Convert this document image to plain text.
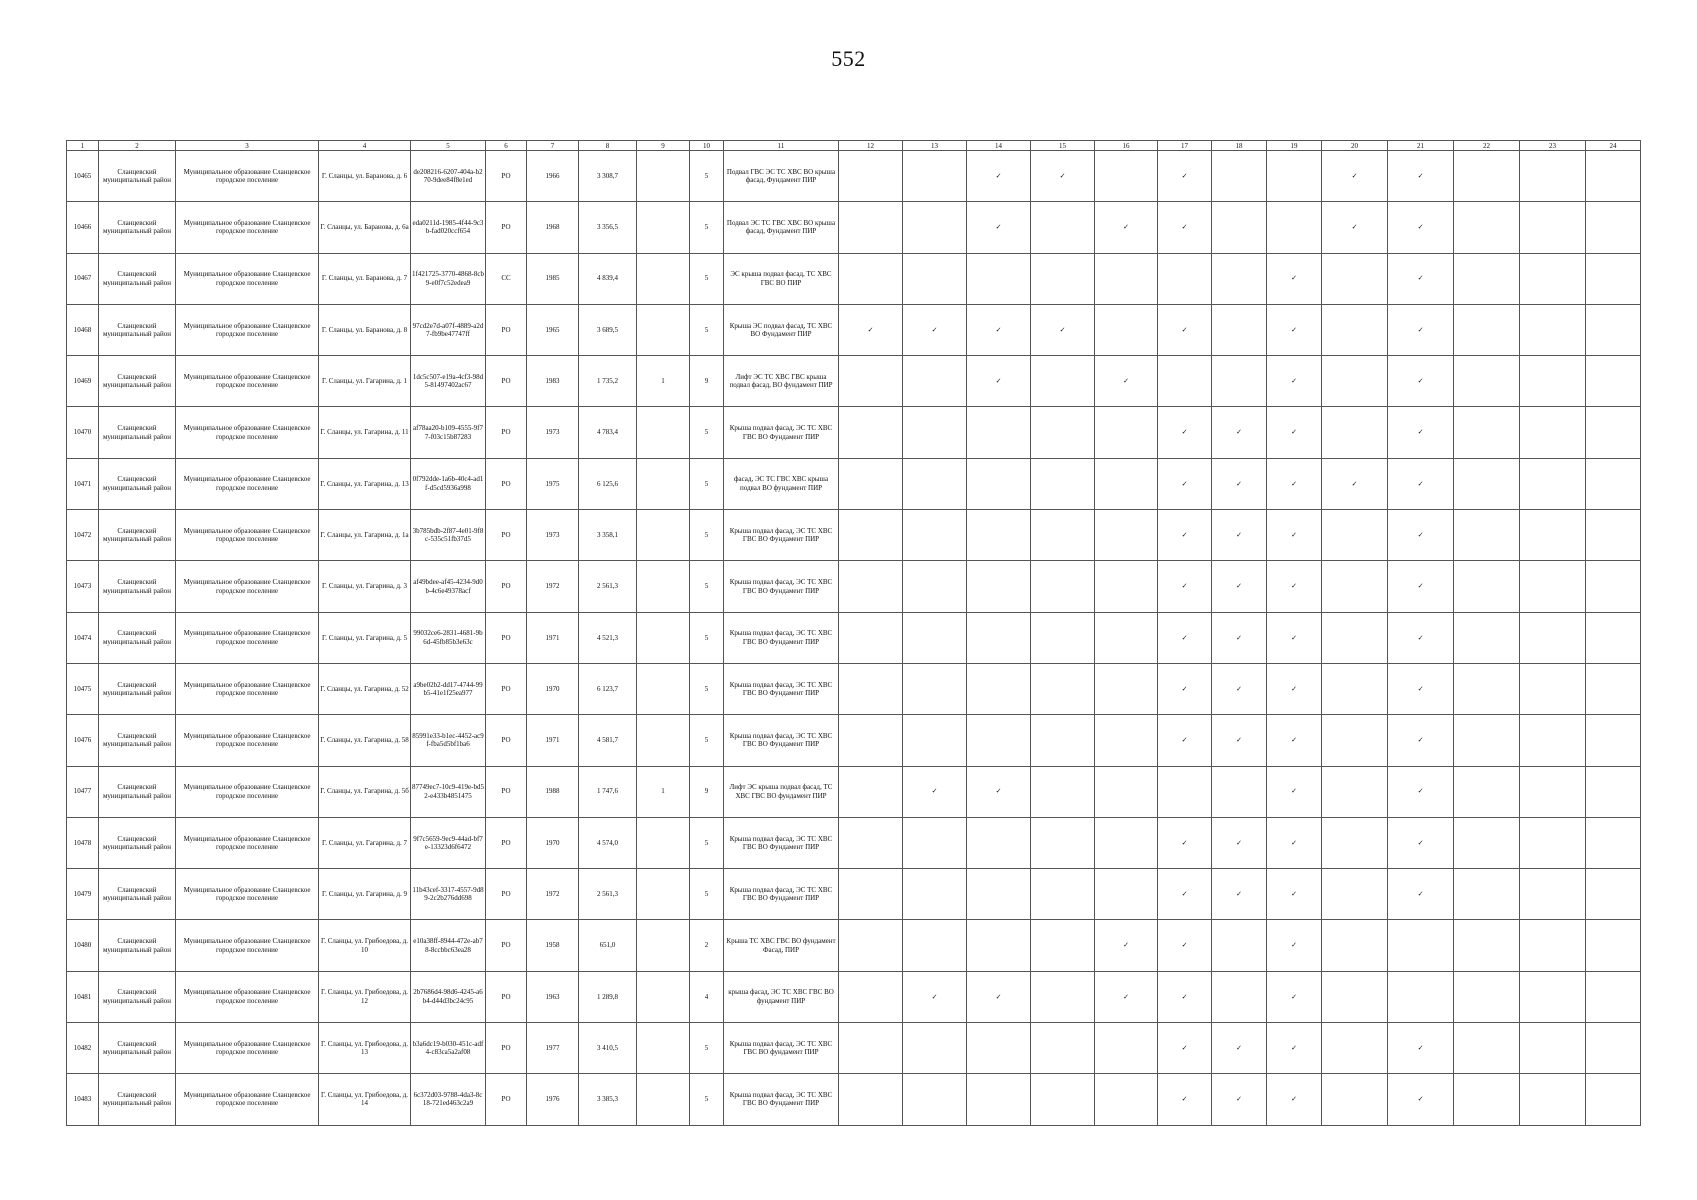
552
1	2	3	4	5	6	7	8	9	10	11	12	13	14	15	16	17	18	19	20	21	22	23	24
10465	Сланцевский муниципальный район	Муниципальное образование Сланцевское городское поселение	Г. Сланцы, ул. Баранова, д. 6	de208216-6207-404a-b270-9dee84f8e1ed	РО	1966	3 308,7		5	Подвал ГВС ЭС ТС ХВС ВО крыша фасад, Фундамент ПИР			✓	✓		✓			✓	✓			
10466	Сланцевский муниципальный район	Муниципальное образование Сланцевское городское поселение	Г. Сланцы, ул. Баранова, д. 6а	eda0211d-1985-4f44-9c3b-fad020ccf654	РО	1968	3 356,5		5	Подвал ЭС ТС ГВС ХВС ВО крыша фасад, Фундамент ПИР			✓		✓	✓			✓	✓			
10467	Сланцевский муниципальный район	Муниципальное образование Сланцевское городское поселение	Г. Сланцы, ул. Баранова, д. 7	1f421725-3770-4868-8cb9-e0f7c52edea9	СС	1985	4 839,4		5	ЭС крыша подвал фасад, ТС ХВС ГВС ВО ПИР								✓		✓			
10468	Сланцевский муниципальный район	Муниципальное образование Сланцевское городское поселение	Г. Сланцы, ул. Баранова, д. 8	97cd2e7d-a07f-4889-a2d7-fb9be47747ff	РО	1965	3 689,5		5	Крыша ЭС подвал фасад, ТС ХВС ВО Фундамент ПИР	✓	✓	✓	✓		✓		✓		✓			
10469	Сланцевский муниципальный район	Муниципальное образование Сланцевское городское поселение	Г. Сланцы, ул. Гагарина, д. 1	1dc5c507-e19a-4cf3-98d5-81497402ac67	РО	1983	1 735,2	1	9	Лифт ЭС ТС ХВС ГВС крыша подвал фасад, ВО фундамент ПИР			✓		✓			✓		✓			
10470	Сланцевский муниципальный район	Муниципальное образование Сланцевское городское поселение	Г. Сланцы, ул. Гагарина, д. 11	af78aa20-b109-4555-9f77-f03c15b87283	РО	1973	4 783,4		5	Крыша подвал фасад, ЭС ТС ХВС ГВС ВО Фундамент ПИР						✓	✓	✓		✓			
10471	Сланцевский муниципальный район	Муниципальное образование Сланцевское городское поселение	Г. Сланцы, ул. Гагарина, д. 13	0f792dde-1a6b-40c4-ad1f-d5cd5936a998	РО	1975	6 125,6		5	фасад, ЭС ТС ГВС ХВС крыша подвал ВО фундамент ПИР						✓	✓	✓	✓	✓			
10472	Сланцевский муниципальный район	Муниципальное образование Сланцевское городское поселение	Г. Сланцы, ул. Гагарина, д. 1а	3b785bdb-2f87-4e01-9f8c-535c51fb37d5	РО	1973	3 358,1		5	Крыша подвал фасад, ЭС ТС ХВС ГВС ВО Фундамент ПИР						✓	✓	✓		✓			
10473	Сланцевский муниципальный район	Муниципальное образование Сланцевское городское поселение	Г. Сланцы, ул. Гагарина, д. 3	af49bdee-af45-4234-9d0b-4c6e49378acf	РО	1972	2 561,3		5	Крыша подвал фасад, ЭС ТС ХВС ГВС ВО Фундамент ПИР						✓	✓	✓		✓			
10474	Сланцевский муниципальный район	Муниципальное образование Сланцевское городское поселение	Г. Сланцы, ул. Гагарина, д. 5	99032ce6-2831-4681-9b6d-45fb85b3e63c	РО	1971	4 521,3		5	Крыша подвал фасад, ЭС ТС ХВС ГВС ВО Фундамент ПИР						✓	✓	✓		✓			
10475	Сланцевский муниципальный район	Муниципальное образование Сланцевское городское поселение	Г. Сланцы, ул. Гагарина, д. 52	a9be02b2-dd17-4744-99b5-41e1f25ea977	РО	1970	6 123,7		5	Крыша подвал фасад, ЭС ТС ХВС ГВС ВО Фундамент ПИР						✓	✓	✓		✓			
10476	Сланцевский муниципальный район	Муниципальное образование Сланцевское городское поселение	Г. Сланцы, ул. Гагарина, д. 58	85991e33-b1ec-4452-ac9f-fba5d5bf1ba6	РО	1971	4 581,7		5	Крыша подвал фасад, ЭС ТС ХВС ГВС ВО Фундамент ПИР						✓	✓	✓		✓			
10477	Сланцевский муниципальный район	Муниципальное образование Сланцевское городское поселение	Г. Сланцы, ул. Гагарина, д. 5б	87749ec7-10c9-419e-bd52-e433b4851475	РО	1988	1 747,6	1	9	Лифт ЭС крыша подвал фасад, ТС ХВС ГВС ВО фундамент ПИР		✓	✓					✓		✓			
10478	Сланцевский муниципальный район	Муниципальное образование Сланцевское городское поселение	Г. Сланцы, ул. Гагарина, д. 7	9f7c5659-9ec9-44ad-bf7e-13323d6f6472	РО	1970	4 574,0		5	Крыша подвал фасад, ЭС ТС ХВС ГВС ВО Фундамент ПИР						✓	✓	✓		✓			
10479	Сланцевский муниципальный район	Муниципальное образование Сланцевское городское поселение	Г. Сланцы, ул. Гагарина, д. 9	11b43cef-3317-4557-9d89-2c2b276dd698	РО	1972	2 561,3		5	Крыша подвал фасад, ЭС ТС ХВС ГВС ВО Фундамент ПИР						✓	✓	✓		✓			
10480	Сланцевский муниципальный район	Муниципальное образование Сланцевское городское поселение	Г. Сланцы, ул. Грибоедова, д. 10	e10a38ff-8944-472e-ab78-8ccbbc63ea28	РО	1958	651,0		2	Крыша ТС ХВС ГВС ВО фундамент Фасад, ПИР					✓	✓		✓					
10481	Сланцевский муниципальный район	Муниципальное образование Сланцевское городское поселение	Г. Сланцы, ул. Грибоедова, д. 12	2b7686d4-98d6-4245-a6b4-d44d3bc24c95	РО	1963	1 289,8		4	крыша фасад, ЭС ТС ХВС ГВС ВО фундамент ПИР		✓	✓		✓	✓		✓					
10482	Сланцевский муниципальный район	Муниципальное образование Сланцевское городское поселение	Г. Сланцы, ул. Грибоедова, д. 13	b3a6dc19-b030-451c-adf4-c83ca5a2af08	РО	1977	3 410,5		5	Крыша подвал фасад, ЭС ТС ХВС ГВС ВО фундамент ПИР						✓	✓	✓		✓			
10483	Сланцевский муниципальный район	Муниципальное образование Сланцевское городское поселение	Г. Сланцы, ул. Грибоедова, д. 14	6c372d03-9788-4da3-8c18-721ed463c2a9	РО	1976	3 385,3		5	Крыша подвал фасад, ЭС ТС ХВС ГВС ВО Фундамент ПИР						✓	✓	✓		✓			
